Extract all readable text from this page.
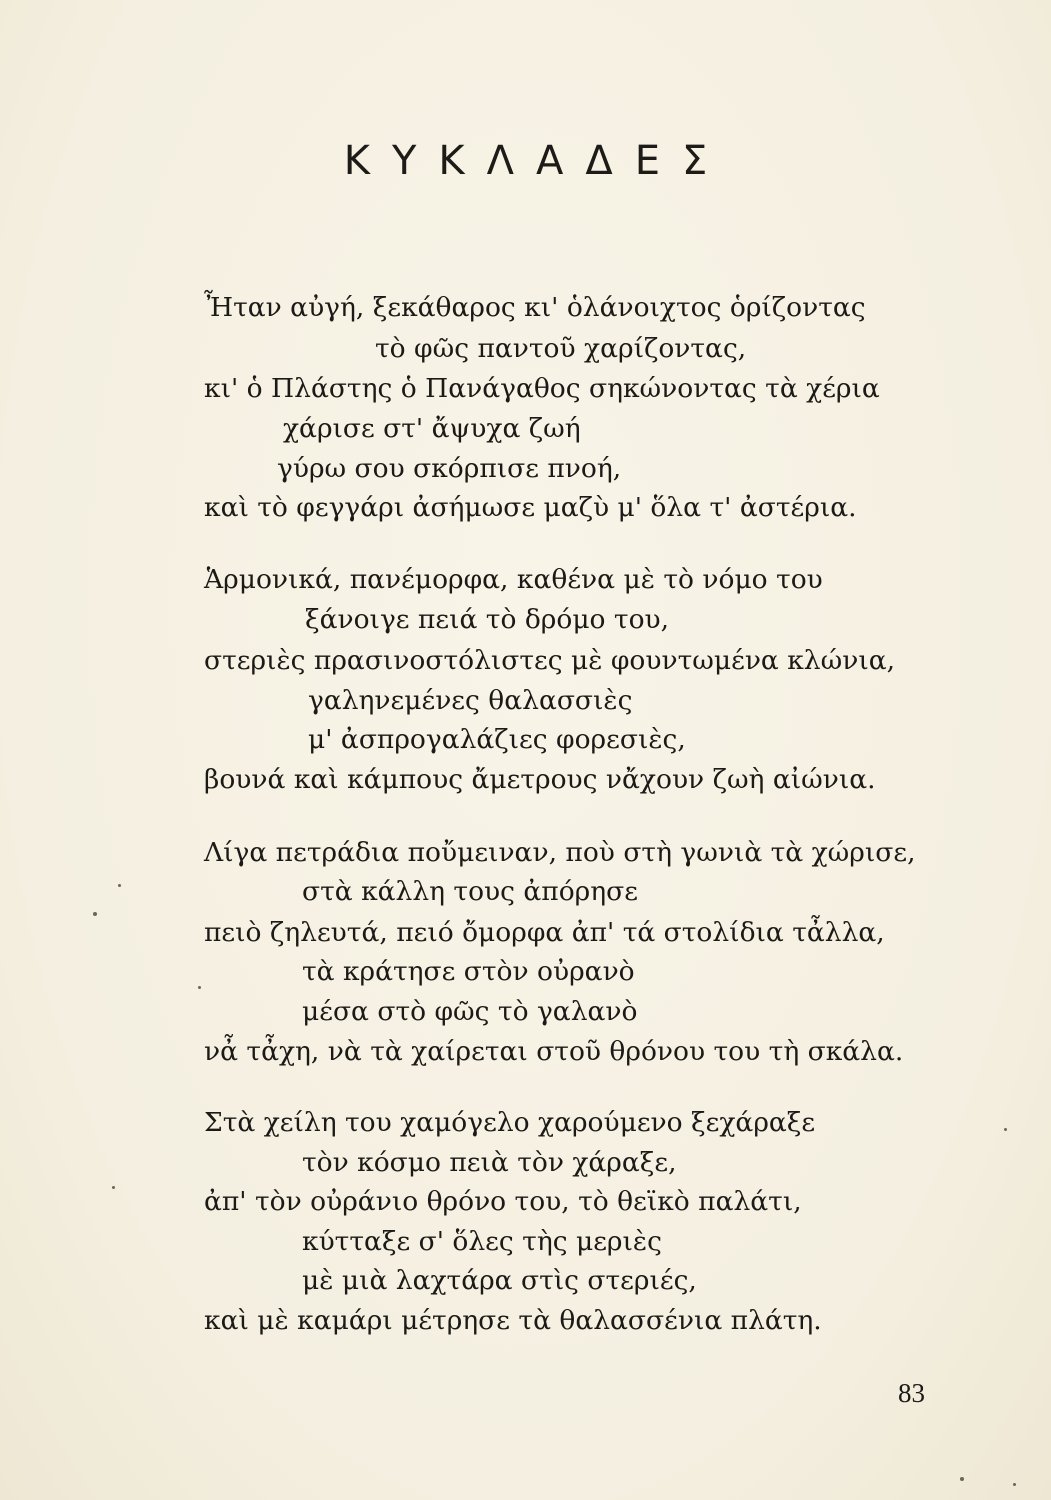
ΚΥΚΛΑΔΕΣ
Ἦταν αὐγή, ξεκάθαρος κι' ὁλάνοιχτος ὁρίζοντας
τὸ φῶς παντοῦ χαρίζοντας,
κι' ὁ Πλάστης ὁ Πανάγαθος σηκώνοντας τὰ χέρια
χάρισε στ' ἄψυχα ζωή
γύρω σου σκόρπισε πνοή,
καὶ τὸ φεγγάρι ἀσήμωσε μαζὺ μ' ὅλα τ' ἀστέρια.
Ἁρμονικά, πανέμορφα, καθένα μὲ τὸ νόμο του
ξάνοιγε πειά τὸ δρόμο του,
στεριὲς πρασινοστόλιστες μὲ φουντωμένα κλώνια,
γαληνεμένες θαλασσιὲς
μ' ἀσπρογαλάζιες φορεσιὲς,
βουνά καὶ κάμπους ἄμετρους νἄχουν ζωὴ αἰώνια.
Λίγα πετράδια ποὔμειναν, ποὺ στὴ γωνιὰ τὰ χώρισε,
στὰ κάλλη τους ἀπόρησε
πειὸ ζηλευτά, πειό ὄμορφα ἀπ' τά στολίδια τἆλλα,
τὰ κράτησε στὸν οὐρανὸ
μέσα στὸ φῶς τὸ γαλανὸ
νἆ τἆχη, νὰ τὰ χαίρεται στοῦ θρόνου του τὴ σκάλα.
Στὰ χείλη του χαμόγελο χαρούμενο ξεχάραξε
τὸν κόσμο πειὰ τὸν χάραξε,
ἀπ' τὸν οὐράνιο θρόνο του, τὸ θεϊκὸ παλάτι,
κύτταξε σ' ὅλες τὴς μεριὲς
μὲ μιὰ λαχτάρα στὶς στεριές,
καὶ μὲ καμάρι μέτρησε τὰ θαλασσένια πλάτη.
83
